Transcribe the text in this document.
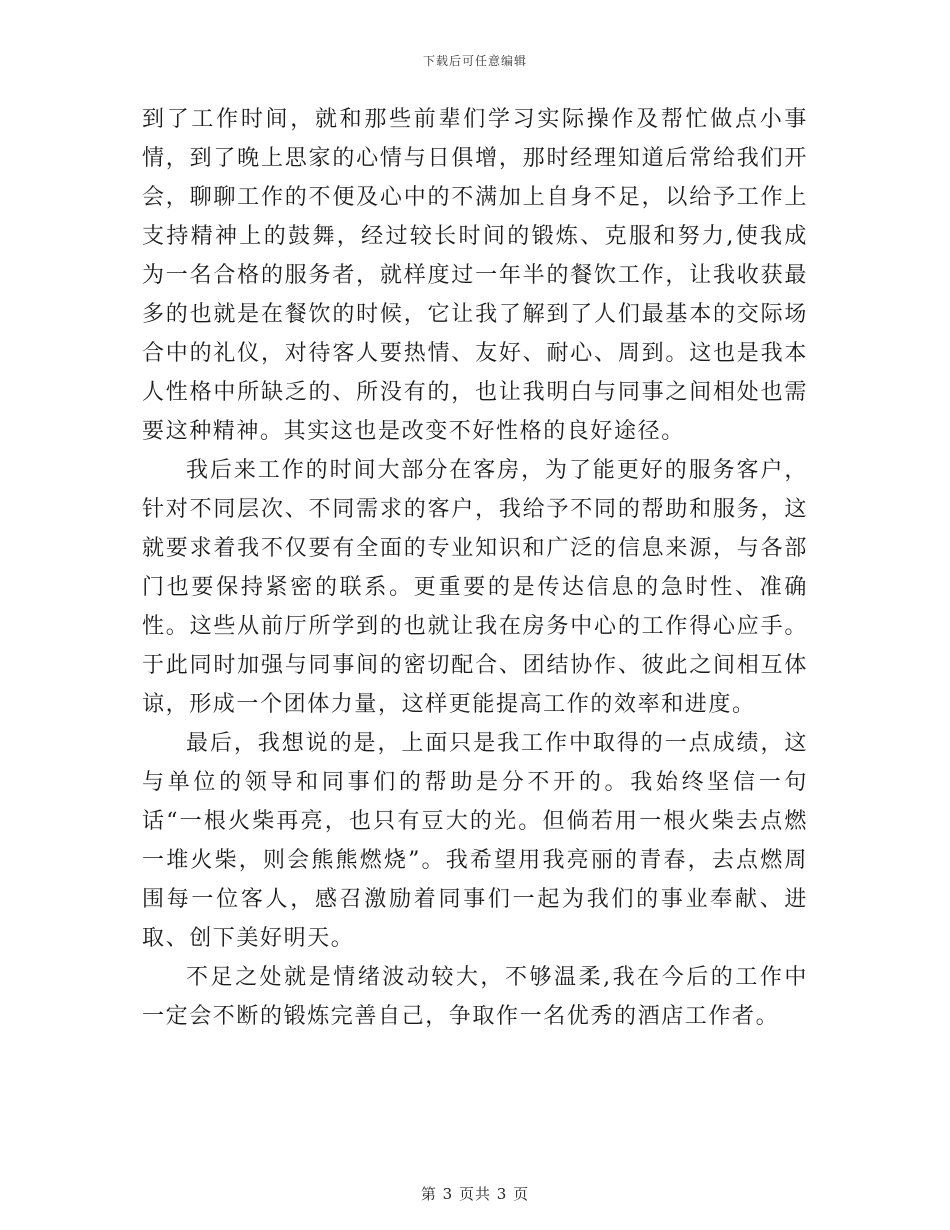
下载后可任意编辑

到了工作时间，就和那些前辈们学习实际操作及帮忙做点小事情，到了晚上思家的心情与日俱增，那时经理知道后常给我们开会，聊聊工作的不便及心中的不满加上自身不足，以给予工作上支持精神上的鼓舞，经过较长时间的锻炼、克服和努力,使我成为一名合格的服务者，就样度过一年半的餐饮工作，让我收获最多的也就是在餐饮的时候，它让我了解到了人们最基本的交际场合中的礼仪，对待客人要热情、友好、耐心、周到。这也是我本人性格中所缺乏的、所没有的，也让我明白与同事之间相处也需要这种精神。其实这也是改变不好性格的良好途径。

我后来工作的时间大部分在客房，为了能更好的服务客户，针对不同层次、不同需求的客户，我给予不同的帮助和服务，这就要求着我不仅要有全面的专业知识和广泛的信息来源，与各部门也要保持紧密的联系。更重要的是传达信息的急时性、准确性。这些从前厅所学到的也就让我在房务中心的工作得心应手。于此同时加强与同事间的密切配合、团结协作、彼此之间相互体谅，形成一个团体力量，这样更能提高工作的效率和进度。

最后，我想说的是，上面只是我工作中取得的一点成绩，这与单位的领导和同事们的帮助是分不开的。我始终坚信一句话“一根火柴再亮，也只有豆大的光。但倘若用一根火柴去点燃一堆火柴，则会熊熊燃烧”。我希望用我亮丽的青春，去点燃周围每一位客人，感召激励着同事们一起为我们的事业奉献、进取、创下美好明天。

不足之处就是情绪波动较大，不够温柔,我在今后的工作中一定会不断的锻炼完善自己，争取作一名优秀的酒店工作者。

第 3 页共 3 页
